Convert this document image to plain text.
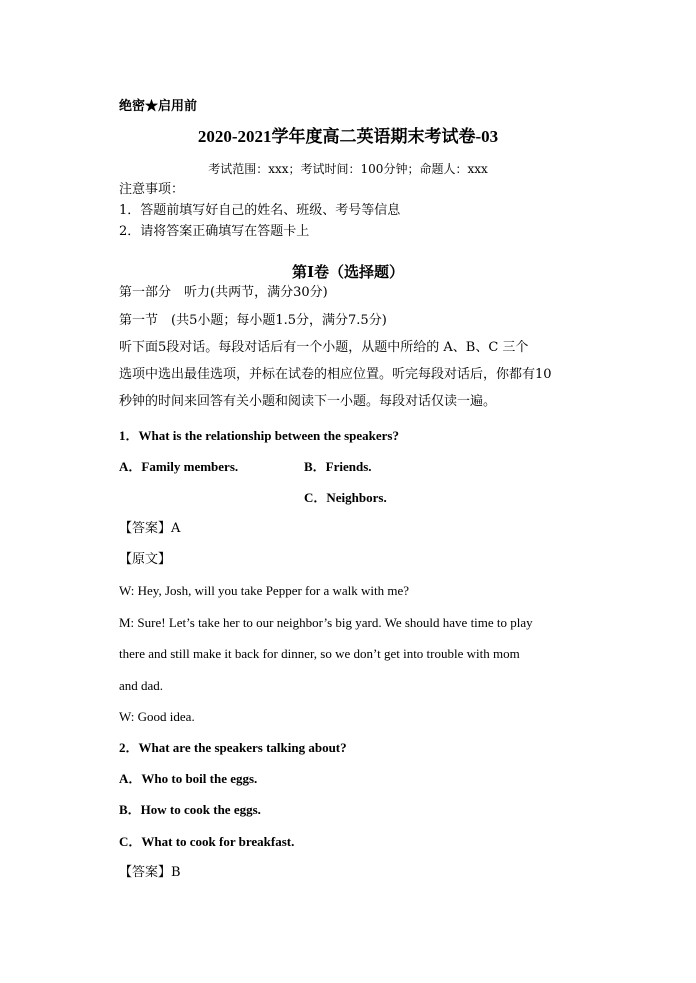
绝密★启用前
2020-2021学年度高二英语期末考试卷-03
考试范围：xxx；考试时间：100分钟；命题人：xxx
注意事项：
1．答题前填写好自己的姓名、班级、考号等信息
2．请将答案正确填写在答题卡上
第I卷（选择题）
第一部分　听力(共两节，满分30分)
第一节　(共5小题；每小题1.5分，满分7.5分)
听下面5段对话。每段对话后有一个小题，从题中所给的 A、B、C 三个
选项中选出最佳选项，并标在试卷的相应位置。听完每段对话后，你都有10
秒钟的时间来回答有关小题和阅读下一小题。每段对话仅读一遍。
1．What is the relationship between the speakers?
A．Family members.	B．Friends.
C．Neighbors.
【答案】A
【原文】
W: Hey, Josh, will you take Pepper for a walk with me?
M: Sure! Let’s take her to our neighbor’s big yard. We should have time to play
there and still make it back for dinner, so we don’t get into trouble with mom
and dad.
W: Good idea.
2．What are the speakers talking about?
A．Who to boil the eggs.
B．How to cook the eggs.
C．What to cook for breakfast.
【答案】B
